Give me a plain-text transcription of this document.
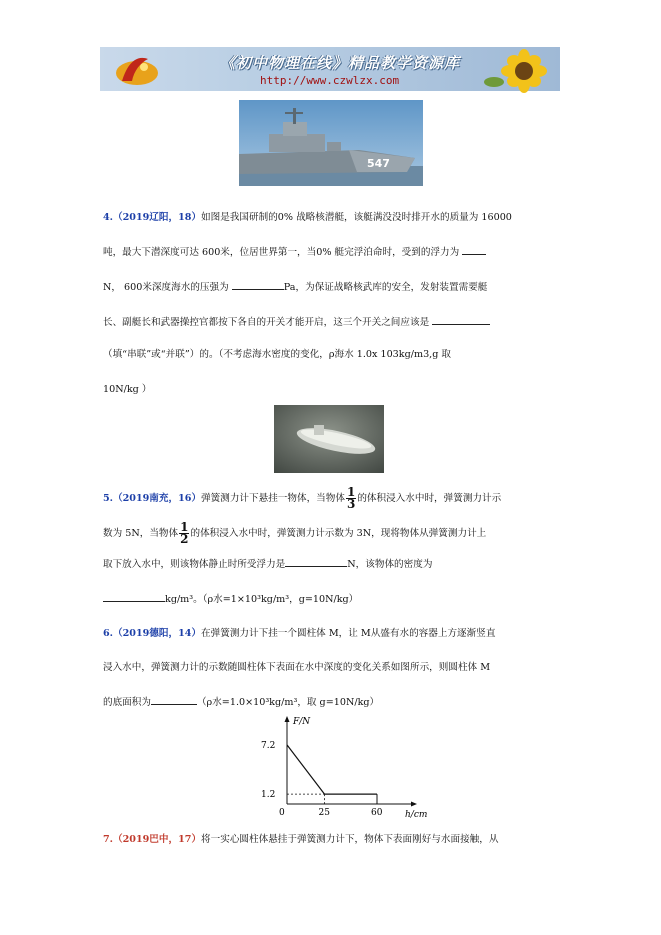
《初中物理在线》精品教学资源库
http://www.czwlzx.com
547
4.（2019辽阳，18）如图是我国研制的0% 战略核潜艇，该艇满没没时排开水的质量为 16000
吨，最大下潜深度可达 600米，位居世界第一，当0% 艇完浮泊命时，受到的浮力为
N， 600米深度海水的压强为	Pa，为保证战略核武库的安全，发射装置需要艇
长、副艇长和武器操控官都按下各自的开关才能开启，这三个开关之间应该是
（填“串联”或“并联”）的。（不考虑海水密度的变化，ρ海水 1.0x 103kg/m3,g 取
10N/kg ）
5.（2019南充，16）弹簧测力计下悬挂一物体，当物体 $\frac{1}{3}$ 的体积浸入水中时，弹簧测力计示
数为 5N，当物体 $\frac{1}{2}$ 的体积浸入水中时，弹簧测力计示数为 3N，现将物体从弹簧测力计上
取下放入水中，则该物体静止时所受浮力是	N，该物体的密度为
kg/m³。（ρ水=1×10³kg/m³，g=10N/kg）
6.（2019德阳，14）在弹簧测力计下挂一个圆柱体 M，让 M从盛有水的容器上方逐渐竖直
浸入水中，弹簧测力计的示数随圆柱体下表面在水中深度的变化关系如图所示，则圆柱体 M
的底面积为	（ρ水=1.0×10³kg/m³，取 g=10N/kg）
F/N
h/cm
0
1.2
7.2
25	60
7.（2019巴中，17）将一实心圆柱体悬挂于弹簧测力计下，物体下表面刚好与水面接触，从
